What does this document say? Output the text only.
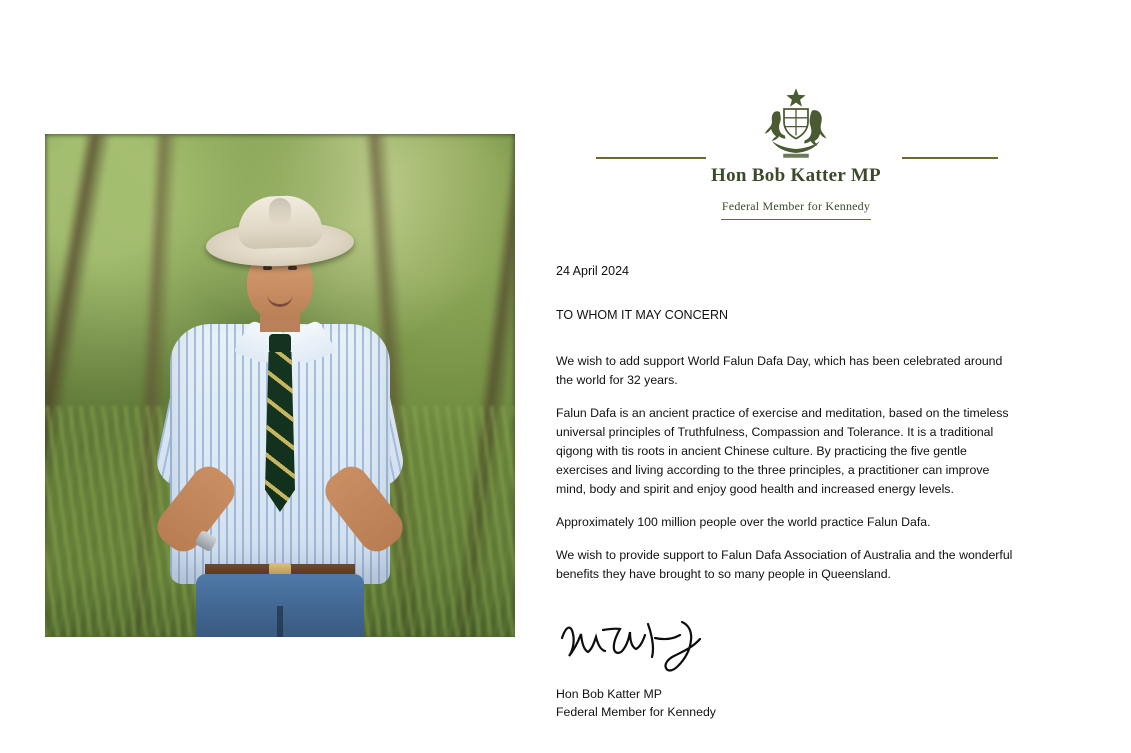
Hon Bob Katter MP
Federal Member for Kennedy
24 April 2024
TO WHOM IT MAY CONCERN

We wish to add support World Falun Dafa Day, which has been celebrated around the world for 32 years.

Falun Dafa is an ancient practice of exercise and meditation, based on the timeless universal principles of Truthfulness, Compassion and Tolerance. It is a traditional qigong with tis roots in ancient Chinese culture. By practicing the five gentle exercises and living according to the three principles, a practitioner can improve mind, body and spirit and enjoy good health and increased energy levels.

Approximately 100 million people over the world practice Falun Dafa.

We wish to provide support to Falun Dafa Association of Australia and the wonderful benefits they have brought to so many people in Queensland.

Hon Bob Katter MP
Federal Member for Kennedy
